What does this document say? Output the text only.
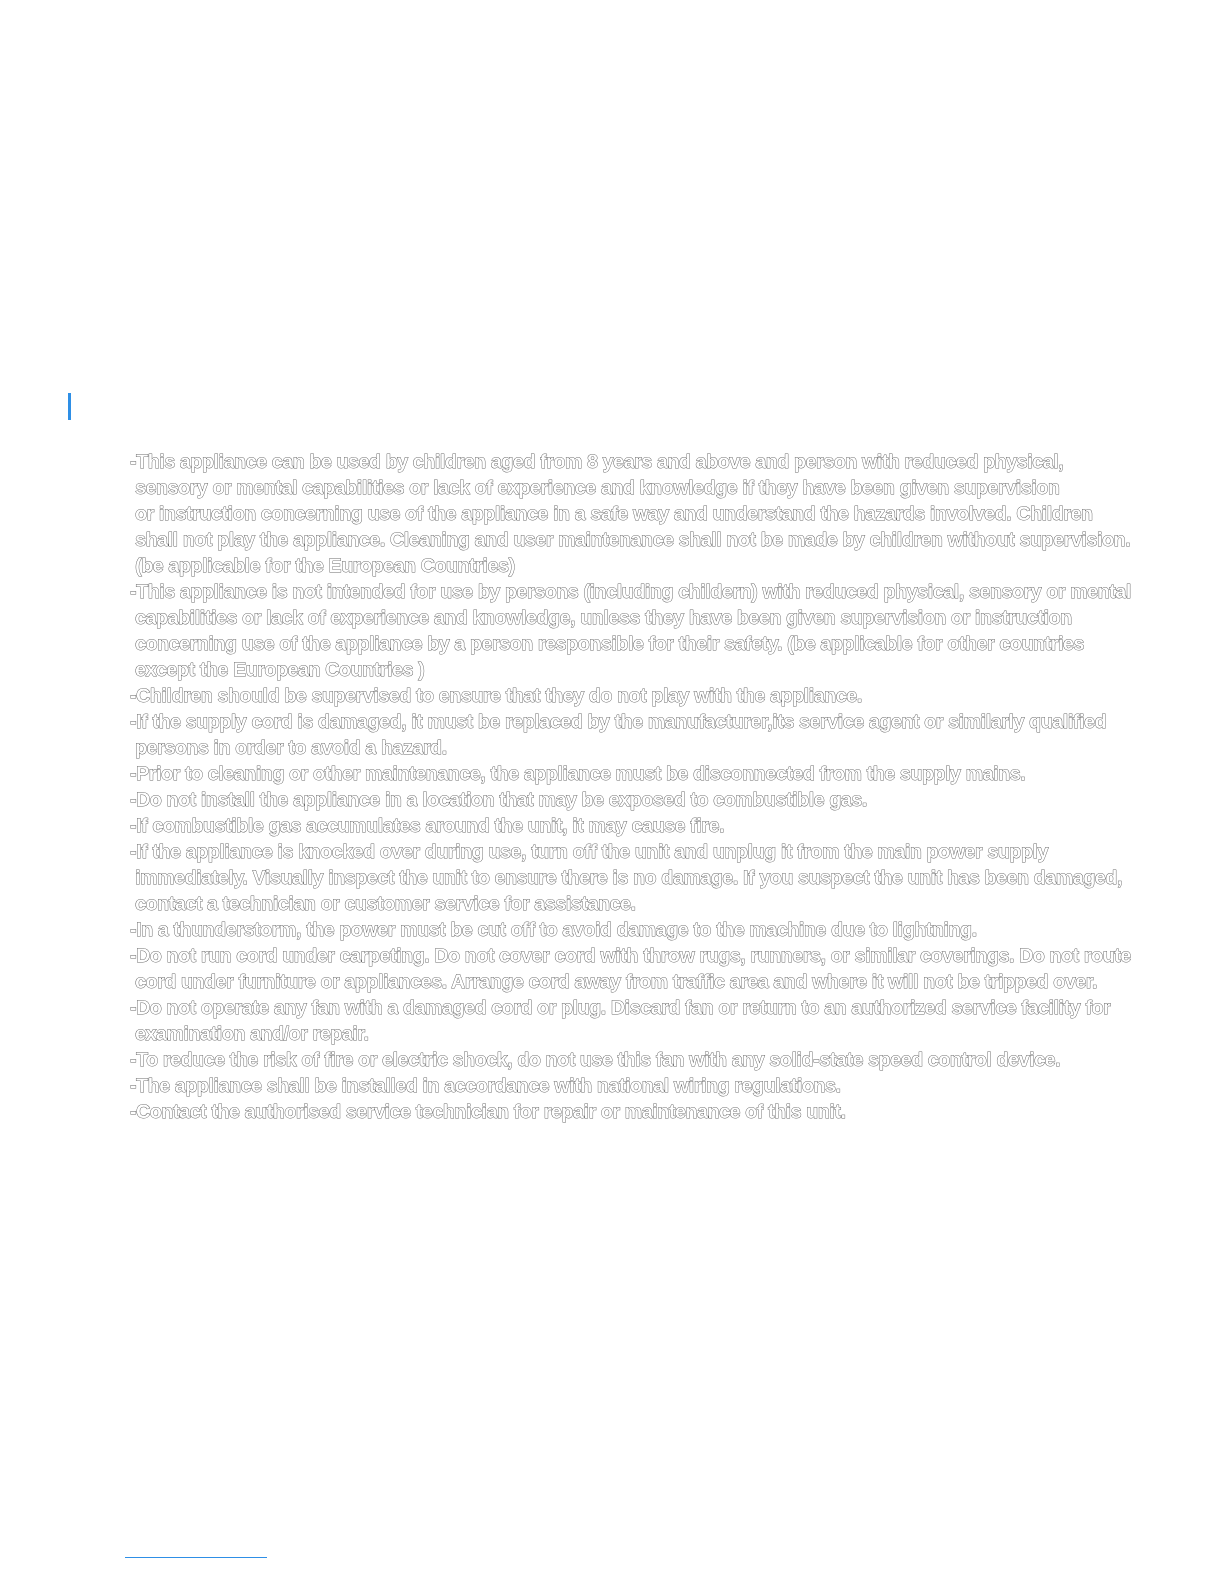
-This appliance can be used by children aged from 8 years and above and person with reduced physical,
sensory or mental capabilities or lack of experience and knowledge if they have been given supervision
or instruction concerning use of the appliance in a safe way and understand the hazards involved. Children
shall not play the appliance. Cleaning and user maintenance shall not be made by children without supervision.
(be applicable for the European Countries)
-This appliance is not intended for use by persons (including childern) with reduced physical, sensory or mental
capabilities or lack of experience and knowledge, unless they have been given supervision or instruction
concerning use of the appliance by a person responsible for their safety. (be applicable for other countries
except the European Countries )
-Children should be supervised to ensure that they do not play with the appliance.
-If the supply cord is damaged, it must be replaced by the manufacturer,its service agent or similarly qualified
persons in order to avoid a hazard.
-Prior to cleaning or other maintenance, the appliance must be disconnected from the supply mains.
-Do not install the appliance in a location that may be exposed to combustible gas.
-If combustible gas accumulates around the unit, it may cause fire.
-If the appliance is knocked over during use, turn off the unit and unplug it from the main power supply
immediately. Visually inspect the unit to ensure there is no damage. If you suspect the unit has been damaged,
contact a technician or customer service for assistance.
-In a thunderstorm, the power must be cut off to avoid damage to the machine due to lightning.
-Do not run cord under carpeting. Do not cover cord with throw rugs, runners, or similar coverings. Do not route
cord under furniture or appliances. Arrange cord away from traffic area and where it will not be tripped over.
-Do not operate any fan with a damaged cord or plug. Discard fan or return to an authorized service facility for
examination and/or repair.
-To reduce the risk of fire or electric shock, do not use this fan with any solid-state speed control device.
-The appliance shall be installed in accordance with national wiring regulations.
-Contact the authorised service technician for repair or maintenance of this unit.
